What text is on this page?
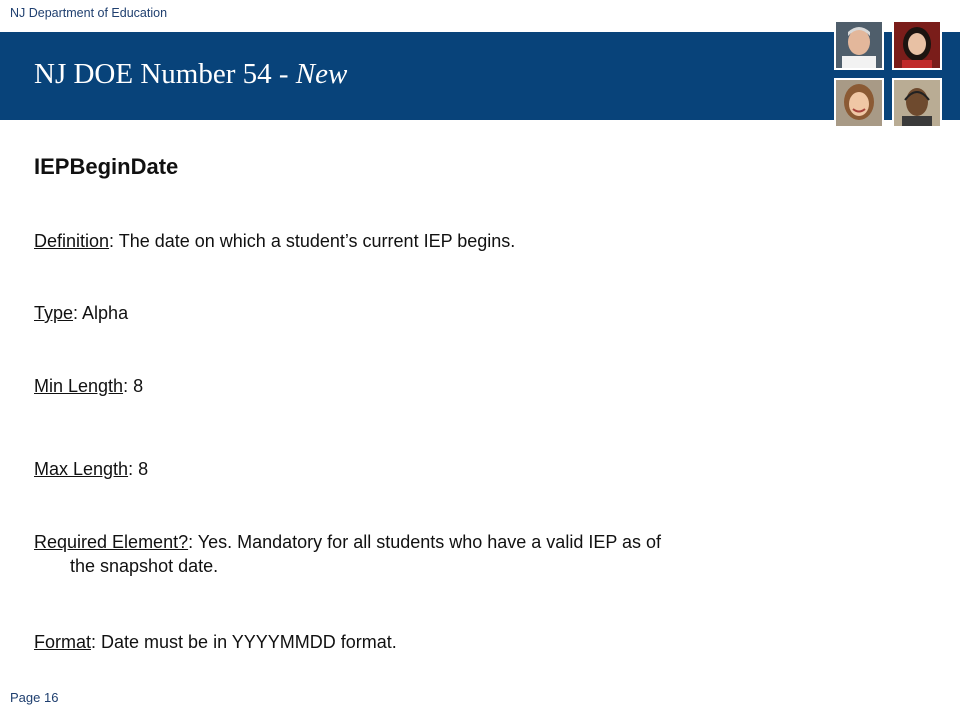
NJ Department of Education
NJ DOE Number 54 - New
IEPBeginDate
Definition: The date on which a student’s current IEP begins.
Type: Alpha
Min Length: 8
Max Length: 8
Required Element?: Yes. Mandatory for all students who have a valid IEP as of
the snapshot date.
Format: Date must be in YYYYMMDD format.
Page 16
